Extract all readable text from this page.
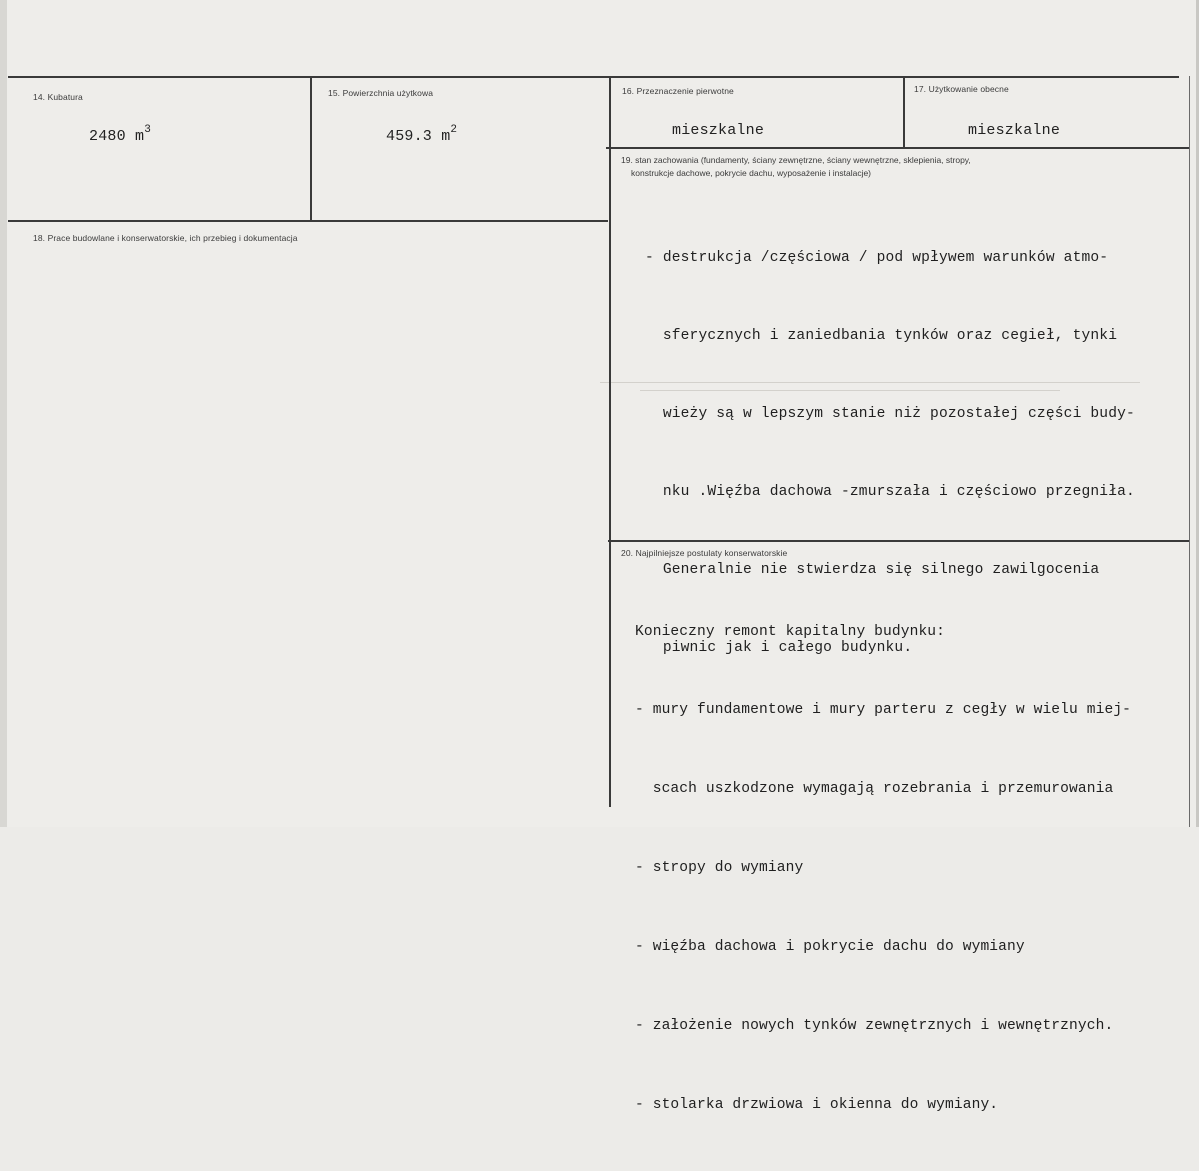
14. Kubatura
2480 $m^3$
15. Powierzchnia użytkowa
459.3 $m^2$
16. Przeznaczenie pierwotne
mieszkalne
17. Użytkowanie obecne
mieszkalne
18. Prace budowlane i konserwatorskie, ich przebieg i dokumentacja
19. stan zachowania (fundamenty, ściany zewnętrzne, ściany wewnętrzne, sklepienia, stropy,
konstrukcje dachowe, pokrycie dachu, wyposażenie i instalacje)

- destrukcja /częściowa / pod wpływem warunków atmo-

sferycznych i zaniedbania tynków oraz cegieł, tynki

wieży są w lepszym stanie niż pozostałej części budy-

nku .Więźba dachowa -zmurszała i częściowo przegniła.

Generalnie nie stwierdza się silnego zawilgocenia

piwnic jak i całego budynku.

20. Najpilniejsze postulaty konserwatorskie

Konieczny remont kapitalny budynku:

- mury fundamentowe i mury parteru z cegły w wielu miej-

scach uszkodzone wymagają rozebrania i przemurowania

- stropy do wymiany

- więźba dachowa i pokrycie dachu do wymiany

- założenie nowych tynków zewnętrznych i wewnętrznych.

- stolarka drzwiowa i okienna do wymiany.
